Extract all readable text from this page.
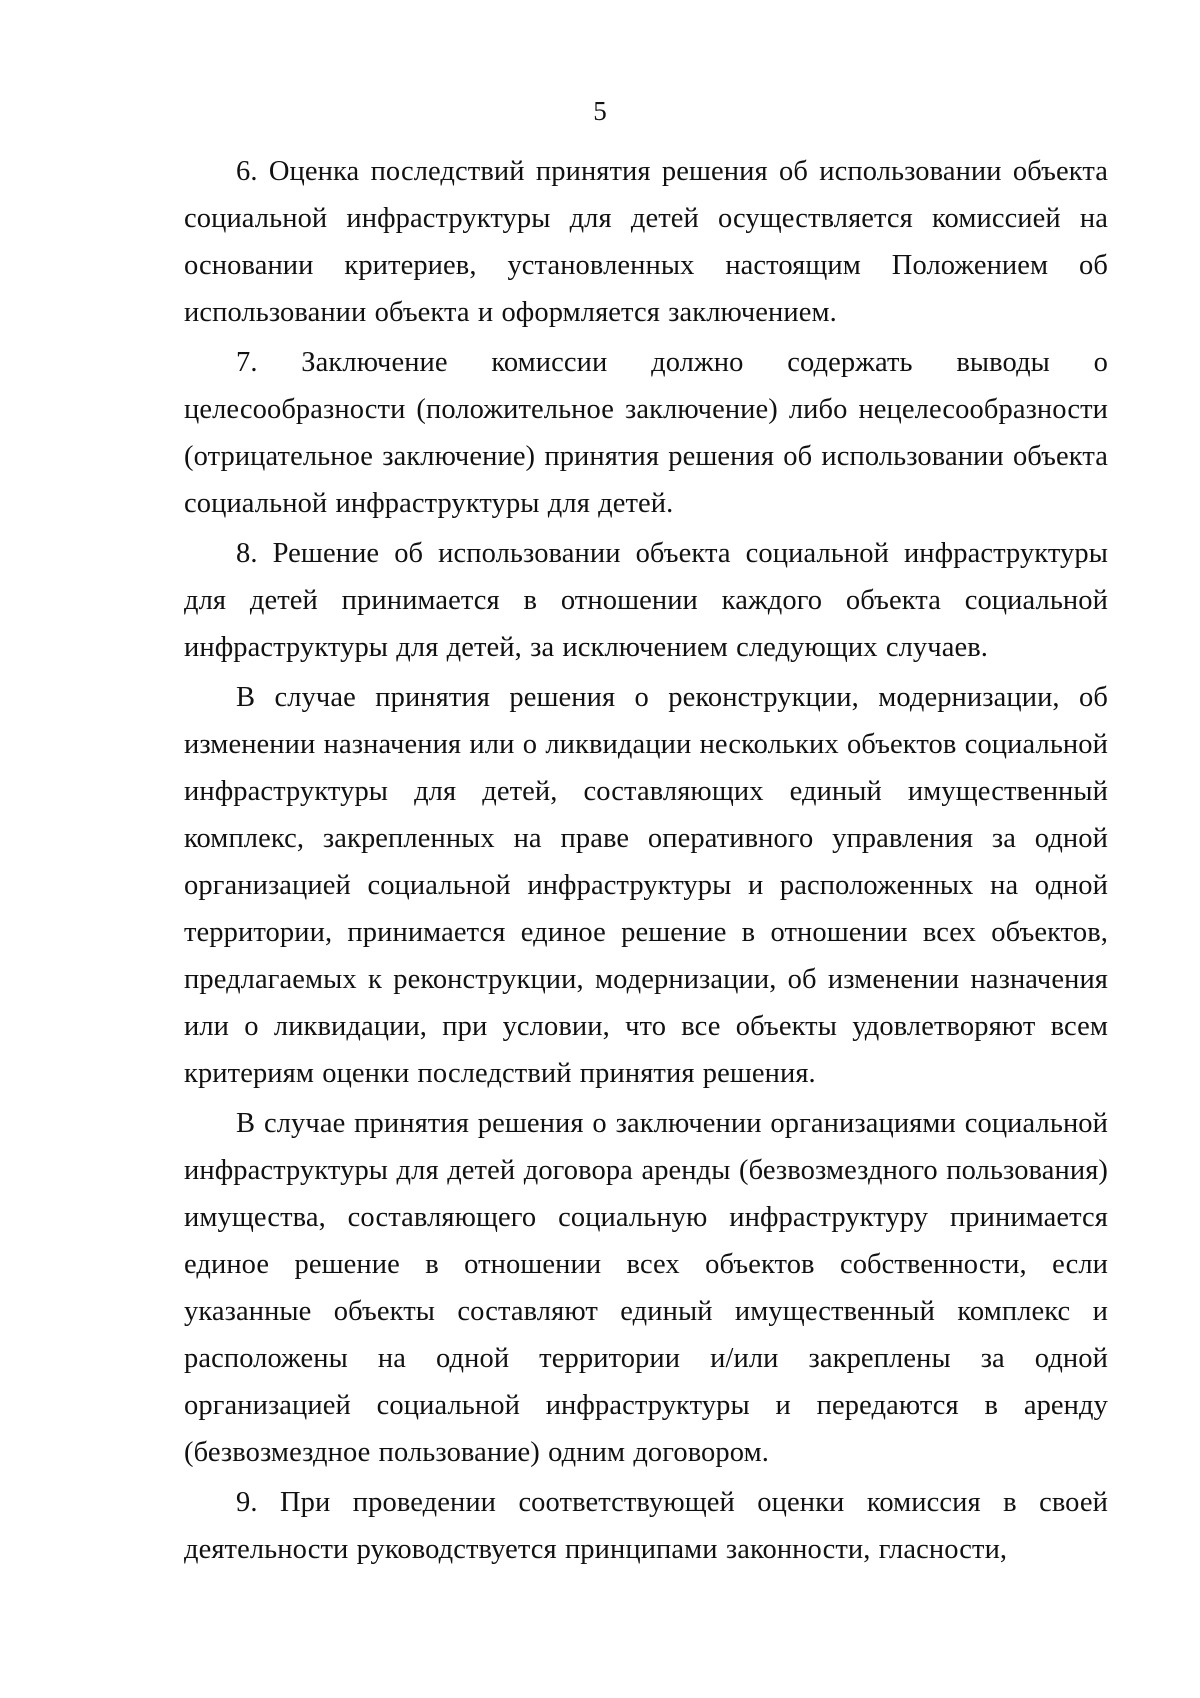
5

6. Оценка последствий принятия решения об использовании объекта социальной инфраструктуры для детей осуществляется комиссией на основании критериев, установленных настоящим Положением об использовании объекта и оформляется заключением.

7. Заключение комиссии должно содержать выводы о целесообразности (положительное заключение) либо нецелесообразности (отрицательное заключение) принятия решения об использовании объекта социальной инфраструктуры для детей.

8. Решение об использовании объекта социальной инфраструктуры для детей принимается в отношении каждого объекта социальной инфраструктуры для детей, за исключением следующих случаев.

В случае принятия решения о реконструкции, модернизации, об изменении назначения или о ликвидации нескольких объектов социальной инфраструктуры для детей, составляющих единый имущественный комплекс, закрепленных на праве оперативного управления за одной организацией социальной инфраструктуры и расположенных на одной территории, принимается единое решение в отношении всех объектов, предлагаемых к реконструкции, модернизации, об изменении назначения или о ликвидации, при условии, что все объекты удовлетворяют всем критериям оценки последствий принятия решения.

В случае принятия решения о заключении организациями социальной инфраструктуры для детей договора аренды (безвозмездного пользования) имущества, составляющего социальную инфраструктуру принимается единое решение в отношении всех объектов собственности, если указанные объекты составляют единый имущественный комплекс и расположены на одной территории и/или закреплены за одной организацией социальной инфраструктуры и передаются в аренду (безвозмездное пользование) одним договором.

9. При проведении соответствующей оценки комиссия в своей деятельности руководствуется принципами законности, гласности,
